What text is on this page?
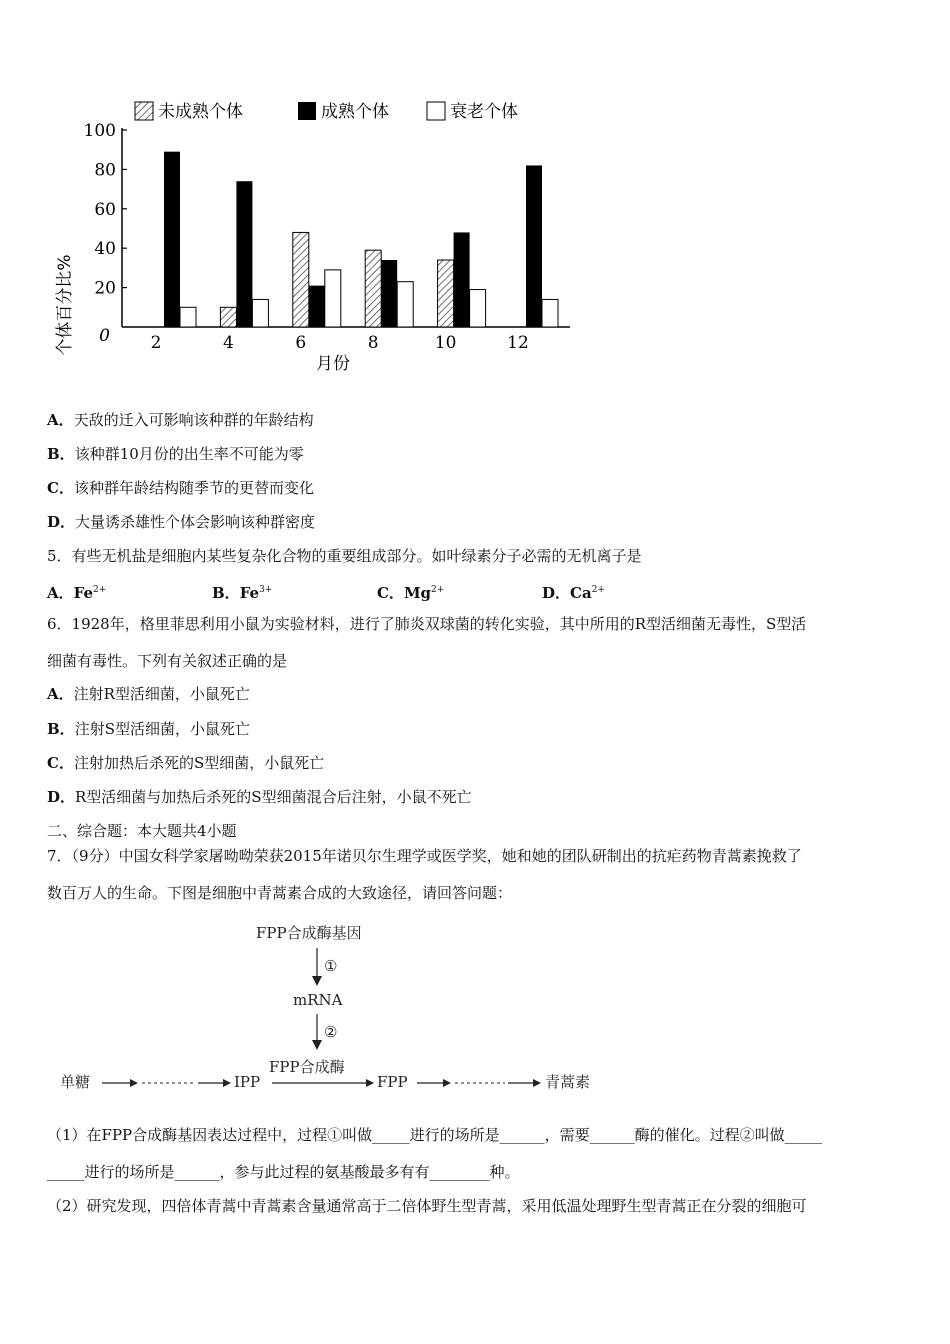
未成熟个体	成熟个体	衰老个体
个体百分比%
100
80
60
40
20
0 2	4	6	8	10	12
月份
A．天敌的迁入可影响该种群的年龄结构
B．该种群10月份的出生率不可能为零
C．该种群年龄结构随季节的更替而变化
D．大量诱杀雄性个体会影响该种群密度
5．有些无机盐是细胞内某些复杂化合物的重要组成部分。如叶绿素分子必需的无机离子是
A．$Fe^{2+}$	B．$Fe^{3+}$	C．$Mg^{2+}$	D．$Ca^{2+}$
6．1928年，格里菲思利用小鼠为实验材料，进行了肺炎双球菌的转化实验，其中所用的R型活细菌无毒性，S型活
细菌有毒性。下列有关叙述正确的是
A．注射R型活细菌，小鼠死亡
B．注射S型活细菌，小鼠死亡
C．注射加热后杀死的S型细菌，小鼠死亡
D．R型活细菌与加热后杀死的S型细菌混合后注射，小鼠不死亡
二、综合题：本大题共4小题
7．（9分）中国女科学家屠呦呦荣获2015年诺贝尔生理学或医学奖，她和她的团队研制出的抗疟药物青蒿素挽救了
数百万人的生命。下图是细胞中青蒿素合成的大致途径，请回答问题：
FPP合成酶基因
①
mRNA
②
FPP合成酶
单糖	IPP	FPP	青蒿素
（1）在FPP合成酶基因表达过程中，过程①叫做_____进行的场所是______，需要______酶的催化。过程②叫做_____
_____进行的场所是______，参与此过程的氨基酸最多有有________种。
（2）研究发现，四倍体青蒿中青蒿素含量通常高于二倍体野生型青蒿，采用低温处理野生型青蒿正在分裂的细胞可
